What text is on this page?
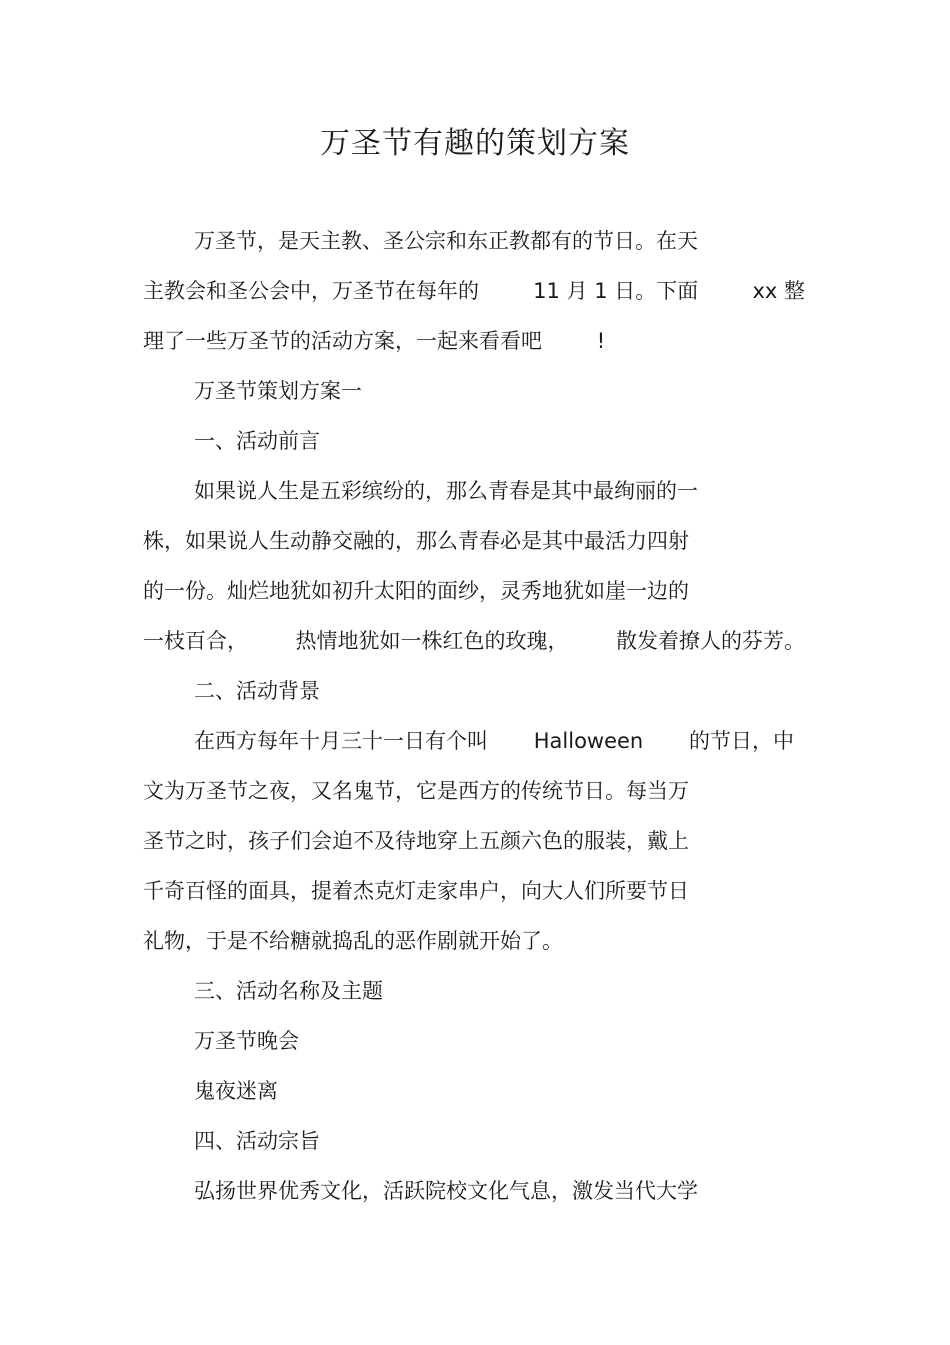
万圣节有趣的策划方案

万圣节，是天主教、圣公宗和东正教都有的节日。在天

主教会和圣公会中，万圣节在每年的	11 月 1 日。下面	xx 整

理了一些万圣节的活动方案，一起来看看吧	!

万圣节策划方案一

一、活动前言

如果说人生是五彩缤纷的，那么青春是其中最绚丽的一

株，如果说人生动静交融的，那么青春必是其中最活力四射

的一份。灿烂地犹如初升太阳的面纱，灵秀地犹如崖一边的

一枝百合， 热情地犹如一株红色的玫瑰， 散发着撩人的芬芳。

二、活动背景

在西方每年十月三十一日有个叫 Halloween 的节日，中

文为万圣节之夜，又名鬼节，它是西方的传统节日。每当万

圣节之时，孩子们会迫不及待地穿上五颜六色的服装，戴上

千奇百怪的面具，提着杰克灯走家串户，向大人们所要节日

礼物，于是不给糖就捣乱的恶作剧就开始了。

三、活动名称及主题

万圣节晚会

鬼夜迷离

四、活动宗旨

弘扬世界优秀文化，活跃院校文化气息，激发当代大学
